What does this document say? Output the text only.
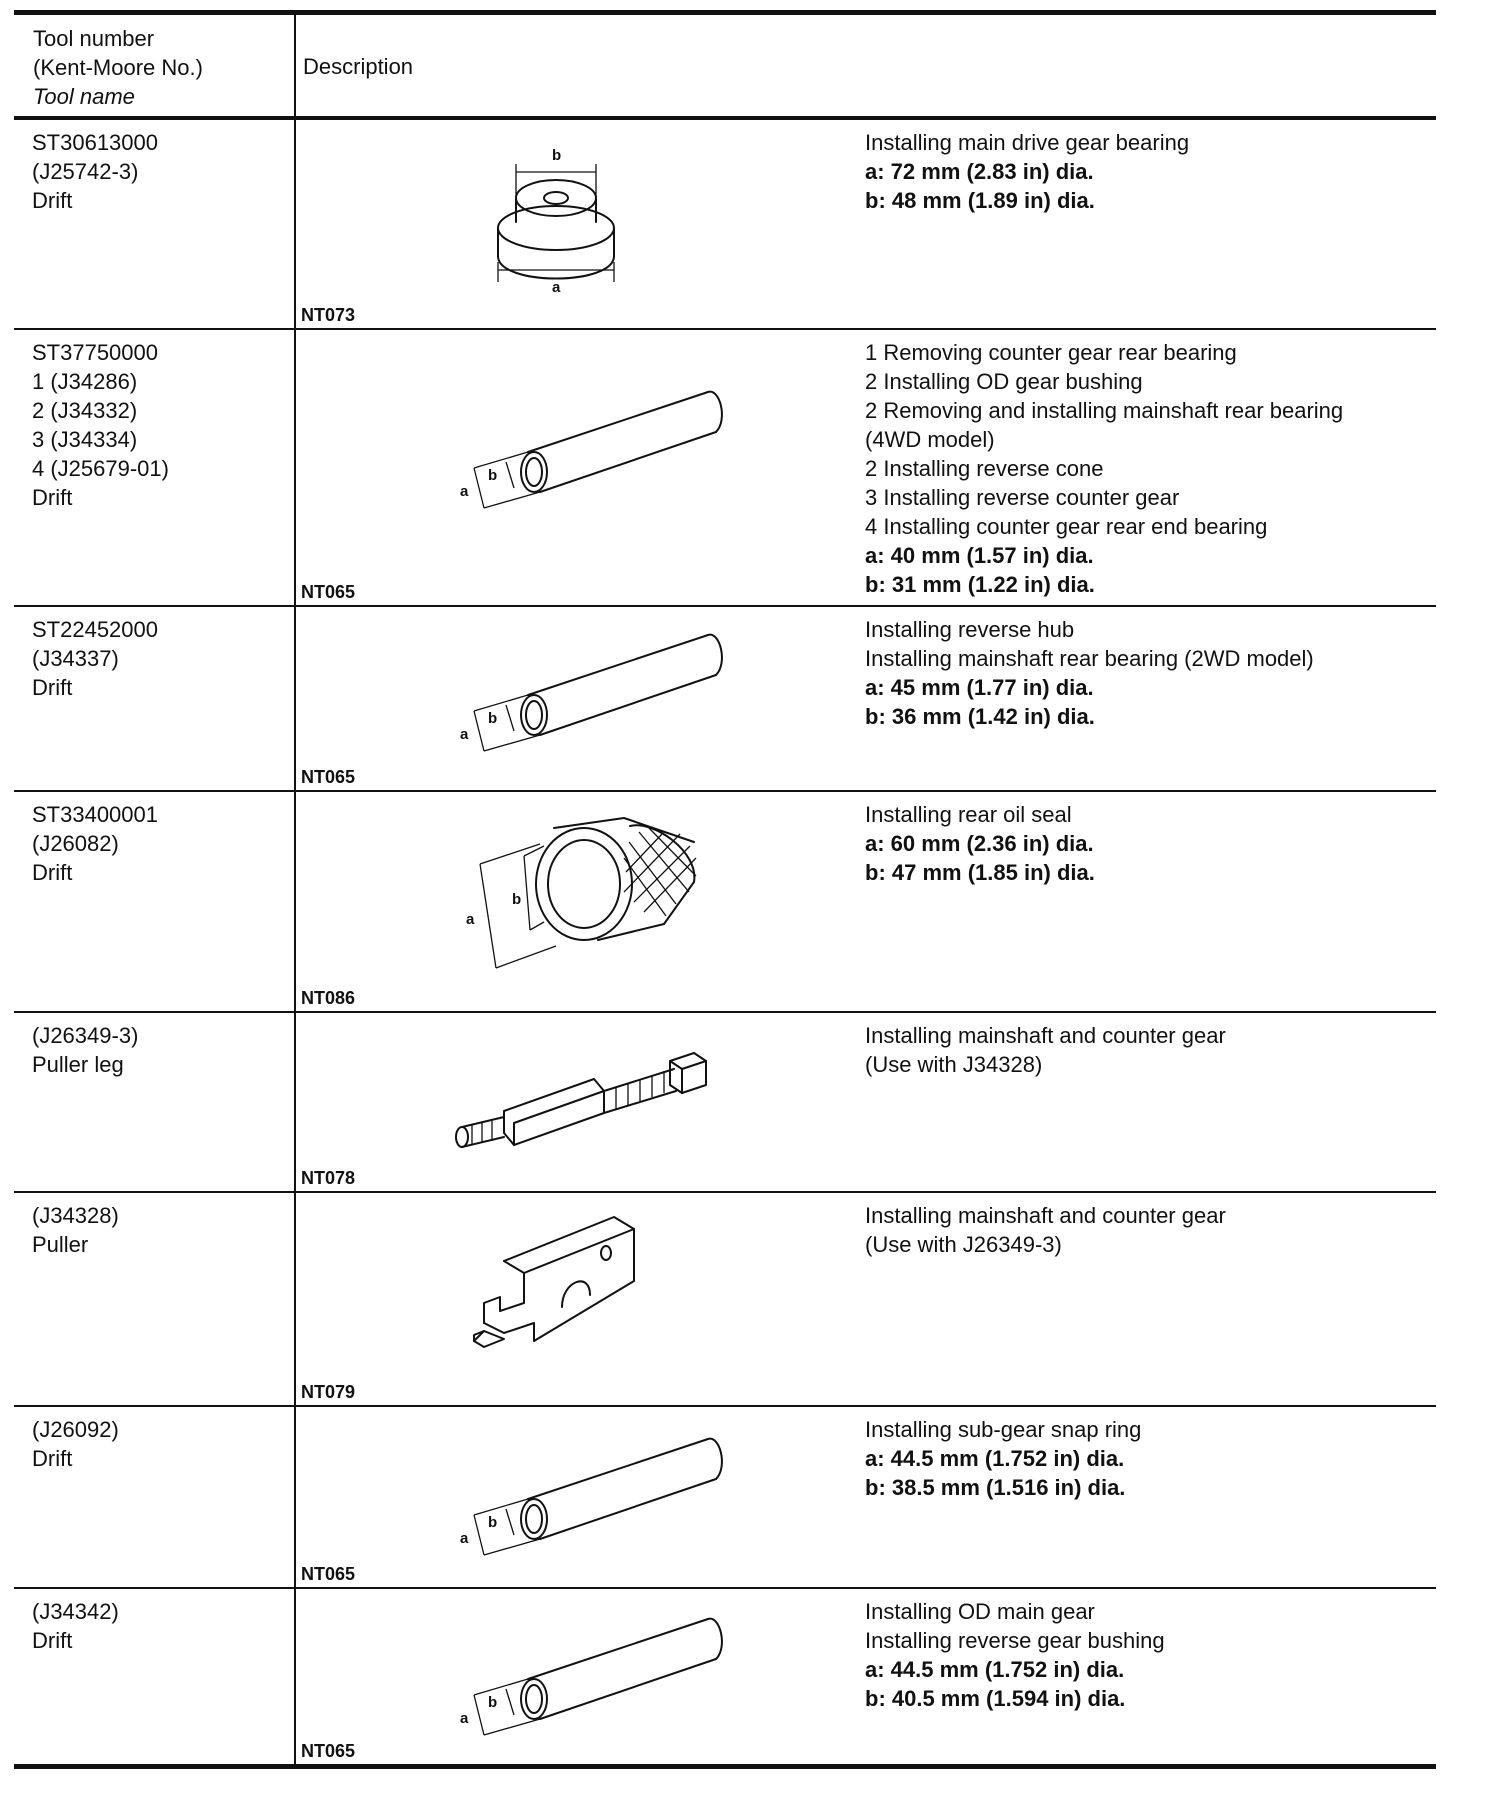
Tool number
(Kent-Moore No.)
Tool name
Description
ST30613000
(J25742-3)
Drift
Installing main drive gear bearing
a: 72 mm (2.83 in) dia.
b: 48 mm (1.89 in) dia.
b
a
NT073
ST37750000
1 (J34286)
2 (J34332)
3 (J34334)
4 (J25679-01)
Drift
1 Removing counter gear rear bearing
2 Installing OD gear bushing
2 Removing and installing mainshaft rear bearing
(4WD model)
2 Installing reverse cone
3 Installing reverse counter gear
4 Installing counter gear rear end bearing
a: 40 mm (1.57 in) dia.
b: 31 mm (1.22 in) dia.
a
b
NT065
ST22452000
(J34337)
Drift
Installing reverse hub
Installing mainshaft rear bearing (2WD model)
a: 45 mm (1.77 in) dia.
b: 36 mm (1.42 in) dia.
a
b
NT065
ST33400001
(J26082)
Drift
Installing rear oil seal
a: 60 mm (2.36 in) dia.
b: 47 mm (1.85 in) dia.
a
b
NT086
(J26349-3)
Puller leg
Installing mainshaft and counter gear
(Use with J34328)
NT078
(J34328)
Puller
Installing mainshaft and counter gear
(Use with J26349-3)
NT079
(J26092)
Drift
Installing sub-gear snap ring
a: 44.5 mm (1.752 in) dia.
b: 38.5 mm (1.516 in) dia.
a
b
NT065
(J34342)
Drift
Installing OD main gear
Installing reverse gear bushing
a: 44.5 mm (1.752 in) dia.
b: 40.5 mm (1.594 in) dia.
a
b
NT065
